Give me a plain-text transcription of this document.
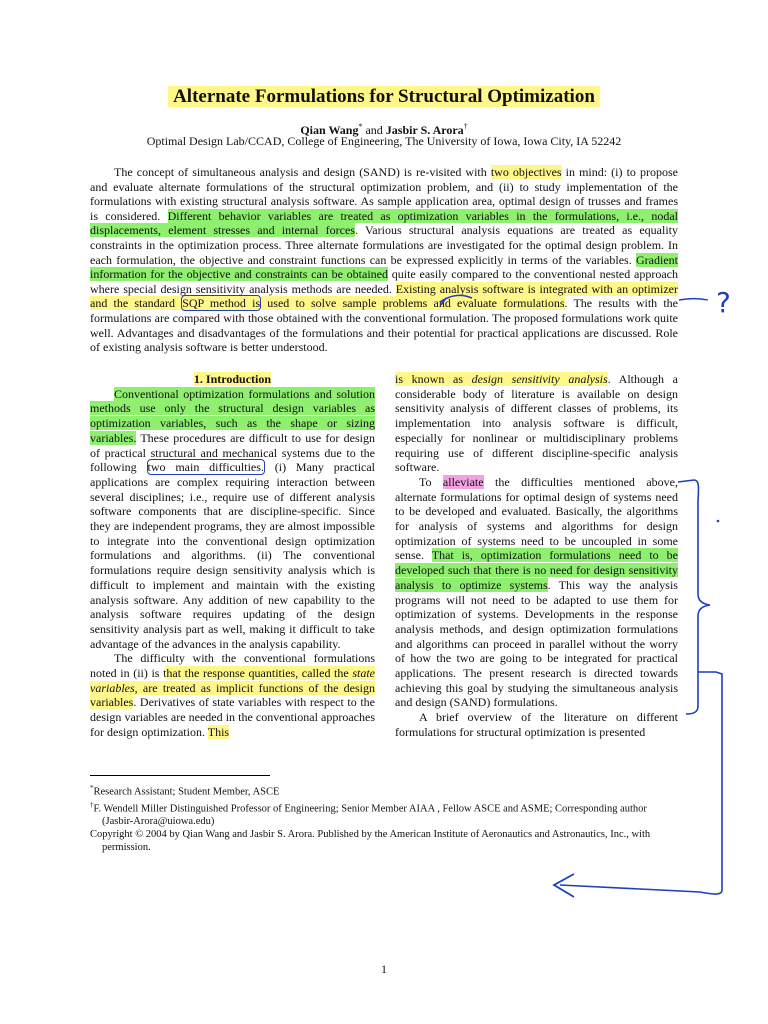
Alternate Formulations for Structural Optimization
Qian Wang* and Jasbir S. Arora†
Optimal Design Lab/CCAD, College of Engineering, The University of Iowa, Iowa City, IA 52242
The concept of simultaneous analysis and design (SAND) is re-visited with two objectives in mind: (i) to propose and evaluate alternate formulations of the structural optimization problem, and (ii) to study implementation of the formulations with existing structural analysis software. As sample application area, optimal design of trusses and frames is considered. Different behavior variables are treated as optimization variables in the formulations, i.e., nodal displacements, element stresses and internal forces. Various structural analysis equations are treated as equality constraints in the optimization process. Three alternate formulations are investigated for the optimal design problem. In each formulation, the objective and constraint functions can be expressed explicitly in terms of the variables. Gradient information for the objective and constraints can be obtained quite easily compared to the conventional nested approach where special design sensitivity analysis methods are needed. Existing analysis software is integrated with an optimizer and the standard SQP method is used to solve sample problems and evaluate formulations. The results with the formulations are compared with those obtained with the conventional formulation. The proposed formulations work quite well. Advantages and disadvantages of the formulations and their potential for practical applications are discussed. Role of existing analysis software is better understood.

1. Introduction

Conventional optimization formulations and solution methods use only the structural design variables as optimization variables, such as the shape or sizing variables. These procedures are difficult to use for design of practical structural and mechanical systems due to the following two main difficulties. (i) Many practical applications are complex requiring interaction between several disciplines; i.e., require use of different analysis software components that are discipline-specific. Since they are independent programs, they are almost impossible to integrate into the conventional design optimization formulations and algorithms. (ii) The conventional formulations require design sensitivity analysis which is difficult to implement and maintain with the existing analysis software. Any addition of new capability to the analysis software requires updating of the design sensitivity analysis part as well, making it difficult to take advantage of the advances in the analysis capability.

The difficulty with the conventional formulations noted in (ii) is that the response quantities, called the state variables, are treated as implicit functions of the design variables. Derivatives of state variables with respect to the design variables are needed in the conventional approaches for design optimization. This

is known as design sensitivity analysis. Although a considerable body of literature is available on design sensitivity analysis of different classes of problems, its implementation into analysis software is difficult, especially for nonlinear or multidisciplinary problems requiring use of different discipline-specific analysis software.

To alleviate the difficulties mentioned above, alternate formulations for optimal design of systems need to be developed and evaluated. Basically, the algorithms for analysis of systems and algorithms for design optimization of systems need to be uncoupled in some sense. That is, optimization formulations need to be developed such that there is no need for design sensitivity analysis to optimize systems. This way the analysis programs will not need to be adapted to use them for optimization of systems. Developments in the response analysis methods, and design optimization formulations and algorithms can proceed in parallel without the worry of how the two are going to be integrated for practical applications. The present research is directed towards achieving this goal by studying the simultaneous analysis and design (SAND) formulations.

A brief overview of the literature on different formulations for structural optimization is presented

*Research Assistant; Student Member, ASCE

†F. Wendell Miller Distinguished Professor of Engineering; Senior Member AIAA , Fellow ASCE and ASME; Corresponding author (Jasbir-Arora@uiowa.edu)

Copyright © 2004 by Qian Wang and Jasbir S. Arora. Published by the American Institute of Aeronautics and Astronautics, Inc., with permission.

1
?
